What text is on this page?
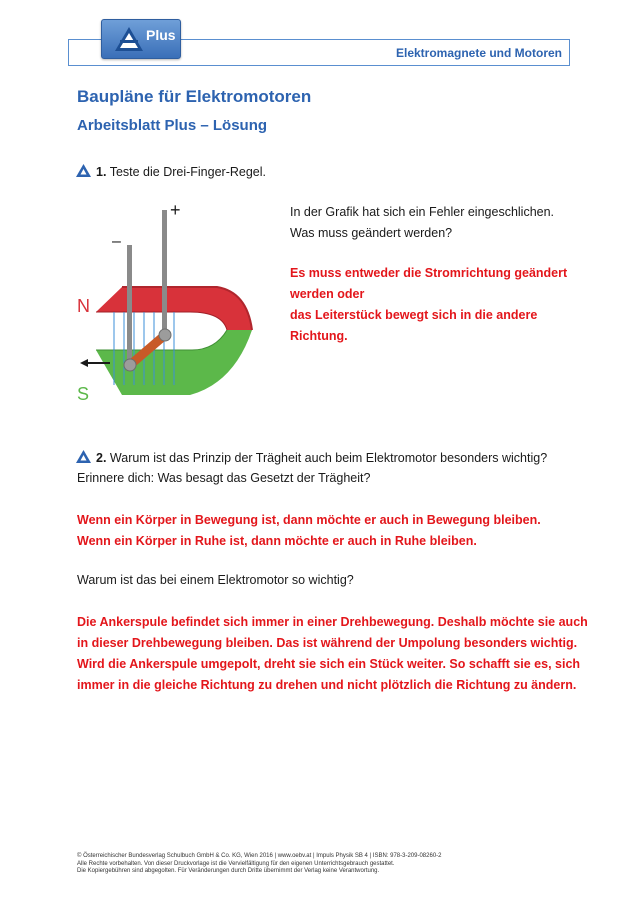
Plus
Elektromagnete und Motoren
Baupläne für Elektromotoren
Arbeitsblatt Plus – Lösung
1. Teste die Drei-Finger-Regel.
+
–
N
S
In der Grafik hat sich ein Fehler eingeschlichen.
Was muss geändert werden?
Es muss entweder die Stromrichtung geändert
werden oder
das Leiterstück bewegt sich in die andere
Richtung.
2. Warum ist das Prinzip der Trägheit auch beim Elektromotor besonders wichtig?
Erinnere dich: Was besagt das Gesetzt der Trägheit?
Wenn ein Körper in Bewegung ist, dann möchte er auch in Bewegung bleiben.
Wenn ein Körper in Ruhe ist, dann möchte er auch in Ruhe bleiben.
Warum ist das bei einem Elektromotor so wichtig?
Die Ankerspule befindet sich immer in einer Drehbewegung. Deshalb möchte sie auch
in dieser Drehbewegung bleiben. Das ist während der Umpolung besonders wichtig.
Wird die Ankerspule umgepolt, dreht sie sich ein Stück weiter. So schafft sie es, sich
immer in die gleiche Richtung zu drehen und nicht plötzlich die Richtung zu ändern.
© Österreichischer Bundesverlag Schulbuch GmbH & Co. KG, Wien 2016 | www.oebv.at | Impuls Physik SB 4 | ISBN: 978-3-209-08260-2
Alle Rechte vorbehalten. Von dieser Druckvorlage ist die Vervielfältigung für den eigenen Unterrichtsgebrauch gestattet.
Die Kopiergebühren sind abgegolten. Für Veränderungen durch Dritte übernimmt der Verlag keine Verantwortung.
